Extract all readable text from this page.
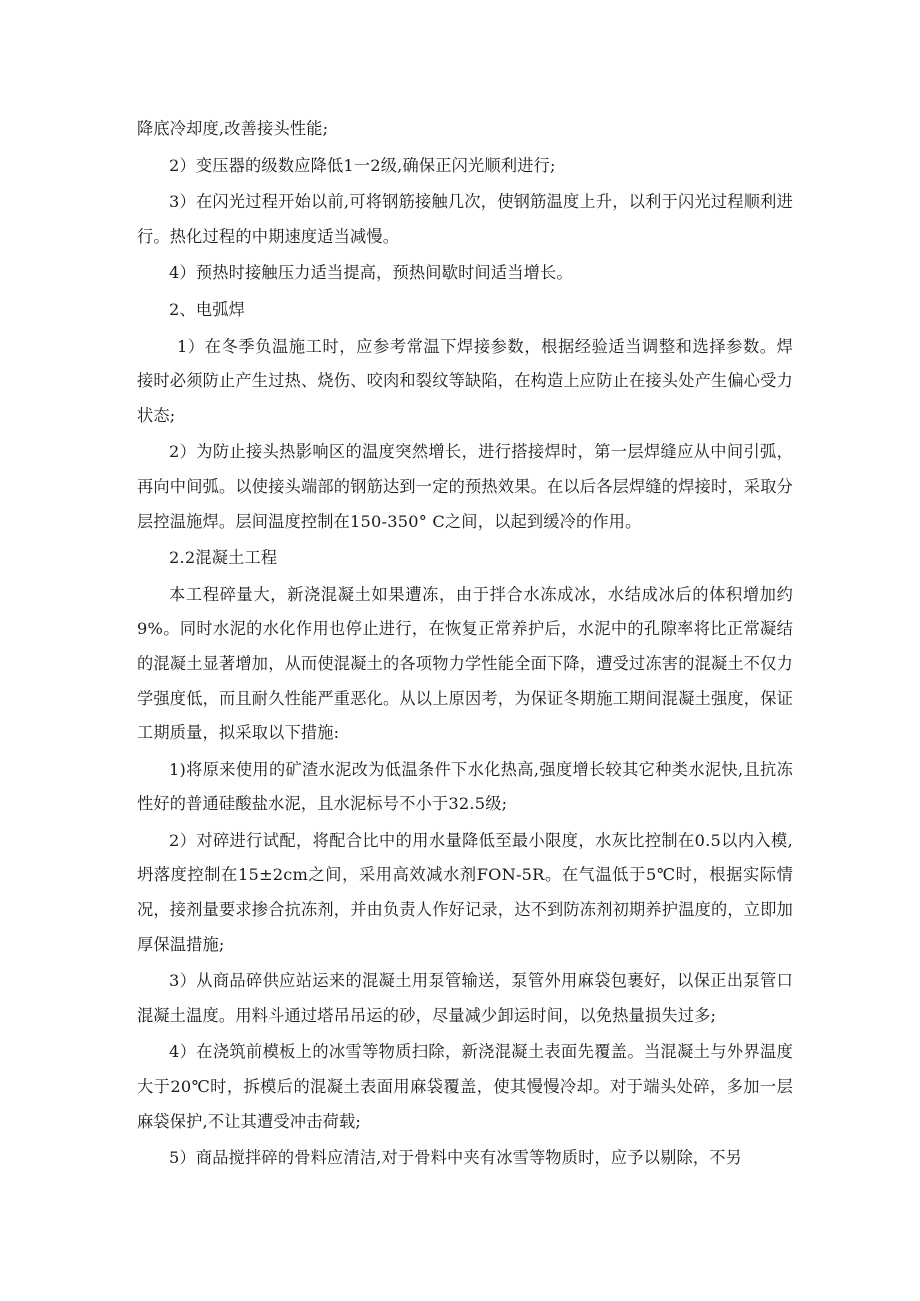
降底冷却度,改善接头性能;

2）变压器的级数应降低1一2级,确保正闪光顺利进行;

3）在闪光过程开始以前,可将钢筋接触几次，使钢筋温度上升，以利于闪光过程顺利进行。热化过程的中期速度适当减慢。

4）预热时接触压力适当提高，预热间歇时间适当增长。

2、电弧焊

1）在冬季负温施工时，应参考常温下焊接参数，根据经验适当调整和选择参数。焊接时必须防止产生过热、烧伤、咬肉和裂纹等缺陷，在构造上应防止在接头处产生偏心受力状态;

2）为防止接头热影响区的温度突然增长，进行搭接焊时，第一层焊缝应从中间引弧，再向中间弧。以使接头端部的钢筋达到一定的预热效果。在以后各层焊缝的焊接时，采取分层控温施焊。层间温度控制在150-350° C之间，以起到缓冷的作用。

2.2混凝土工程

本工程碎量大，新浇混凝土如果遭冻，由于拌合水冻成冰，水结成冰后的体积增加约9%。同时水泥的水化作用也停止进行，在恢复正常养护后，水泥中的孔隙率将比正常凝结的混凝土显著增加，从而使混凝土的各项物力学性能全面下降，遭受过冻害的混凝土不仅力学强度低，而且耐久性能严重恶化。从以上原因考，为保证冬期施工期间混凝土强度，保证工期质量，拟采取以下措施:

1)将原来使用的矿渣水泥改为低温条件下水化热高,强度增长较其它种类水泥快,且抗冻性好的普通硅酸盐水泥，且水泥标号不小于32.5级;

2）对碎进行试配，将配合比中的用水量降低至最小限度，水灰比控制在0.5以内入模,坍落度控制在15±2cm之间，采用高效减水剂FON-5R。在气温低于5℃时，根据实际情况，接剂量要求掺合抗冻剂，并由负责人作好记录，达不到防冻剂初期养护温度的，立即加厚保温措施;

3）从商品碎供应站运来的混凝土用泵管输送，泵管外用麻袋包裹好，以保正出泵管口混凝土温度。用料斗通过塔吊吊运的砂，尽量减少卸运时间，以免热量损失过多;

4）在浇筑前模板上的冰雪等物质扫除，新浇混凝土表面先覆盖。当混凝土与外界温度大于20℃时，拆模后的混凝土表面用麻袋覆盖，使其慢慢冷却。对于端头处碎，多加一层麻袋保护,不让其遭受冲击荷载;

5）商品搅拌碎的骨料应清洁,对于骨料中夹有冰雪等物质时，应予以剔除，不另
